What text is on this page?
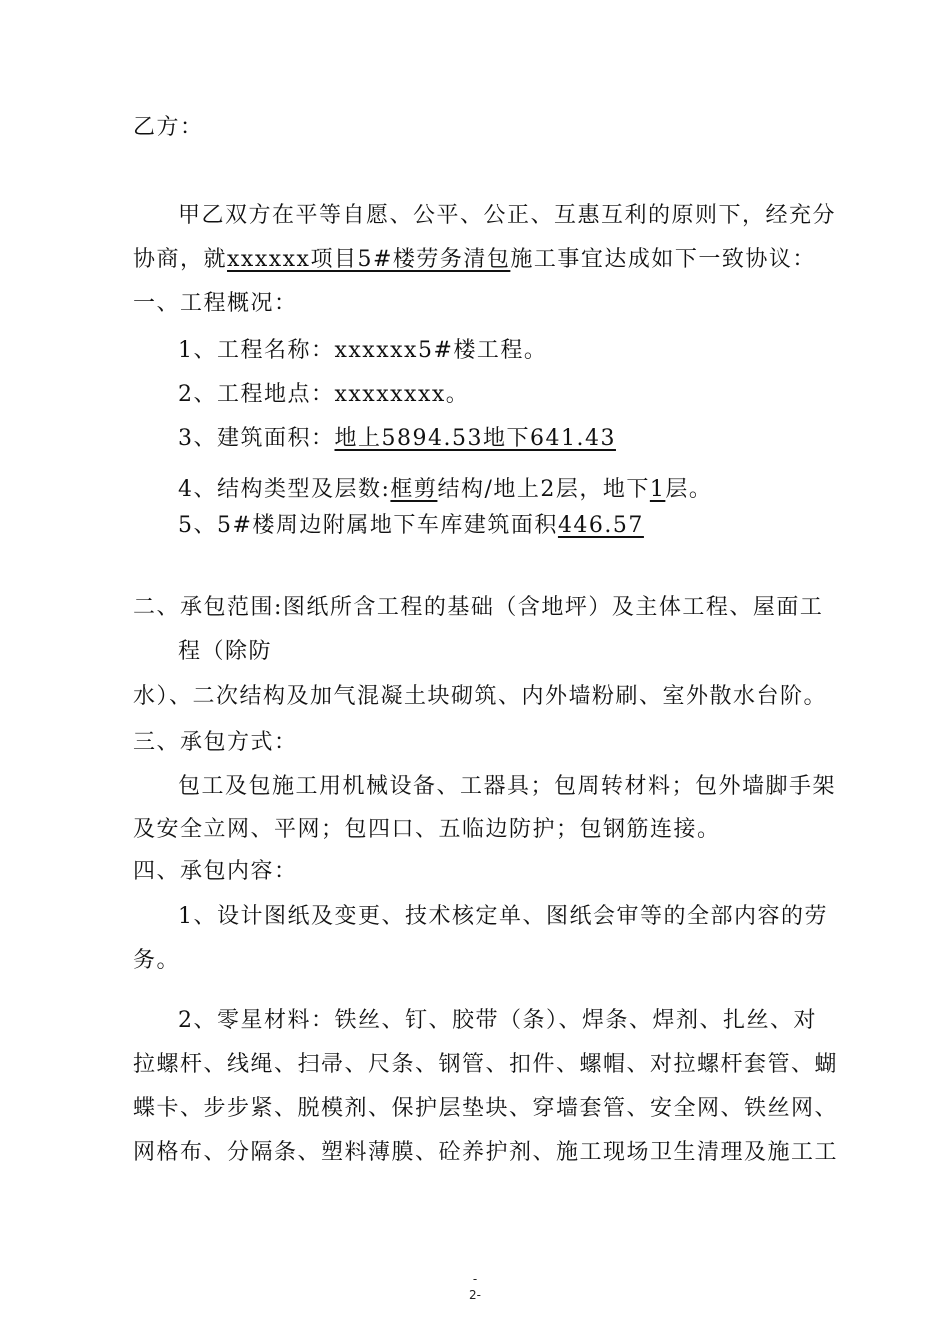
乙方：
甲乙双方在平等自愿、公平、公正、互惠互利的原则下，经充分
协商，就xxxxxx项目5#楼劳务清包施工事宜达成如下一致协议：
一、工程概况：
1、工程名称：xxxxxx5#楼工程。
2、工程地点：xxxxxxxx。
3、建筑面积：地上5894.53地下641.43
4、结构类型及层数:框剪结构/地上2层，地下1层。
5、5#楼周边附属地下车库建筑面积446.57
二、承包范围:图纸所含工程的基础（含地坪）及主体工程、屋面工
程（除防
水）、二次结构及加气混凝土块砌筑、内外墙粉刷、室外散水台阶。
三、承包方式：
包工及包施工用机械设备、工器具；包周转材料；包外墙脚手架
及安全立网、平网；包四口、五临边防护；包钢筋连接。
四、承包内容：
1、设计图纸及变更、技术核定单、图纸会审等的全部内容的劳
务。
2、零星材料：铁丝、钉、胶带（条）、焊条、焊剂、扎丝、对
拉螺杆、线绳、扫帚、尺条、钢管、扣件、螺帽、对拉螺杆套管、蝴
蝶卡、步步紧、脱模剂、保护层垫块、穿墙套管、安全网、铁丝网、
网格布、分隔条、塑料薄膜、砼养护剂、施工现场卫生清理及施工工
-
2-
